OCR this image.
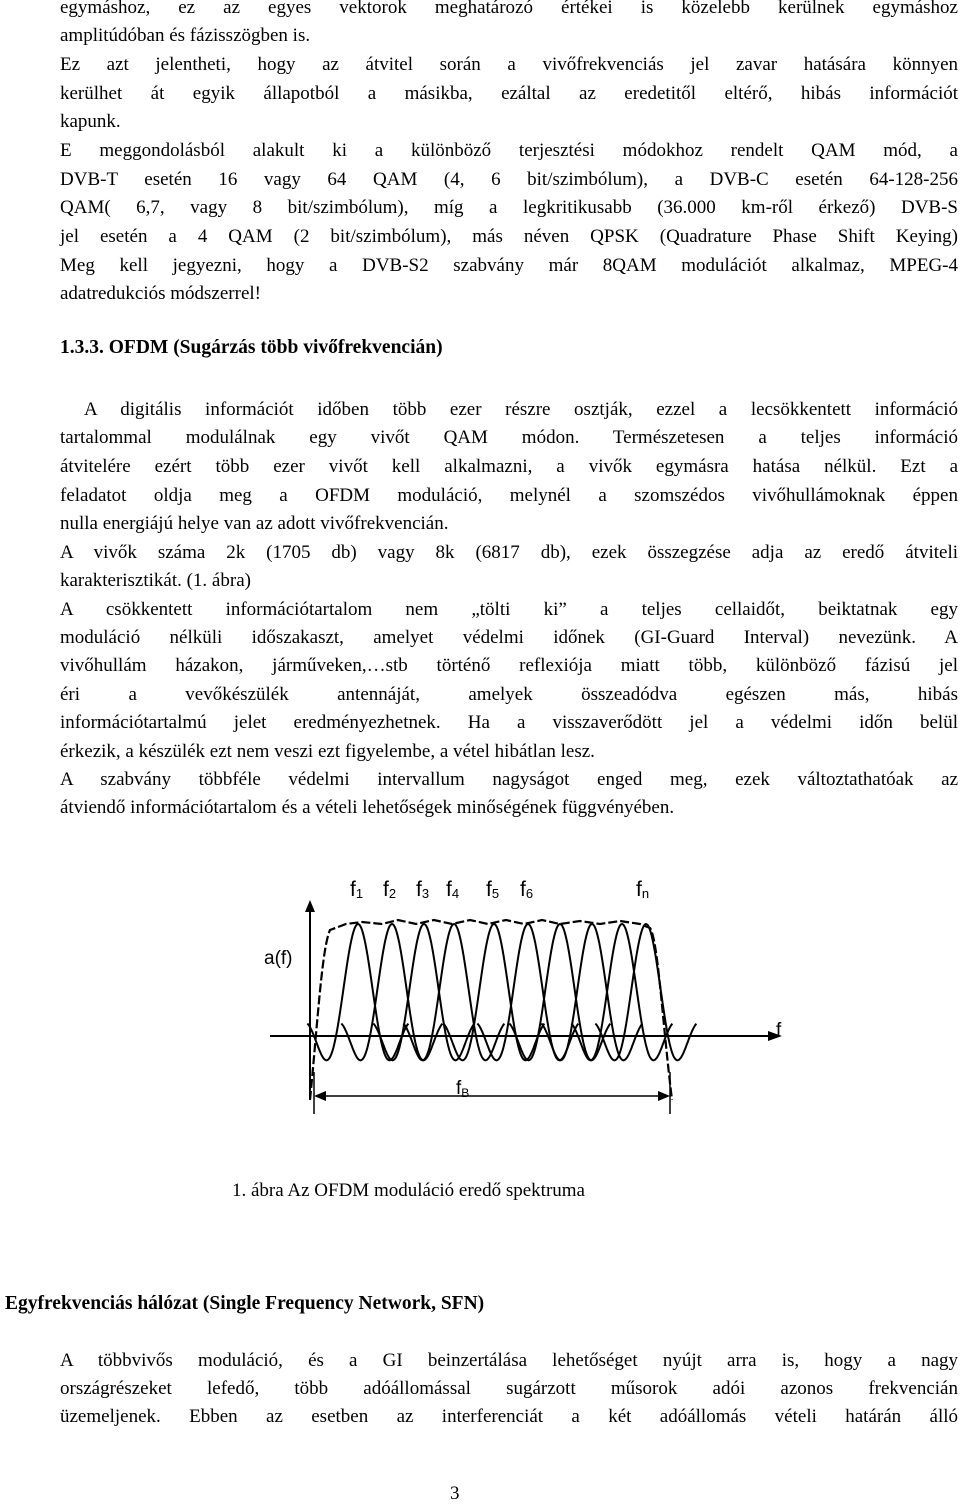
egymáshoz, ez az egyes vektorok meghatározó értékei is közelebb kerülnek egymáshoz
amplitúdóban és fázisszögben is.
Ez azt jelentheti, hogy az átvitel során a vivőfrekvenciás jel zavar hatására könnyen
kerülhet át egyik állapotból a másikba, ezáltal az eredetitől eltérő, hibás információt
kapunk.
E meggondolásból alakult ki a különböző terjesztési módokhoz rendelt QAM mód, a
DVB-T esetén 16 vagy 64 QAM (4, 6 bit/szimbólum), a DVB-C esetén 64-128-256
QAM( 6,7, vagy 8 bit/szimbólum), míg a legkritikusabb (36.000 km-ről érkező) DVB-S
jel esetén a 4 QAM (2 bit/szimbólum), más néven QPSK (Quadrature Phase Shift Keying)
Meg kell jegyezni, hogy a DVB-S2 szabvány már 8QAM modulációt alkalmaz, MPEG-4
adatredukciós módszerrel!
1.3.3. OFDM (Sugárzás több vivőfrekvencián)
A digitális információt időben több ezer részre osztják, ezzel a lecsökkentett információ
tartalommal modulálnak egy vivőt QAM módon. Természetesen a teljes információ
átvitelére ezért több ezer vivőt kell alkalmazni, a vivők egymásra hatása nélkül. Ezt a
feladatot oldja meg a OFDM moduláció, melynél a szomszédos vivőhullámoknak éppen
nulla energiájú helye van az adott vivőfrekvencián.
A vivők száma 2k (1705 db) vagy 8k (6817 db), ezek összegzése adja az eredő átviteli
karakterisztikát. (1. ábra)
A csökkentett információtartalom nem „tölti ki” a teljes cellaidőt, beiktatnak egy
moduláció nélküli időszakaszt, amelyet védelmi időnek (GI-Guard Interval) nevezünk. A
vivőhullám házakon, járműveken,…stb történő reflexiója miatt több, különböző fázisú jel
éri a vevőkészülék antennáját, amelyek összeadódva egészen más, hibás
információtartalmú jelet eredményezhetnek. Ha a visszaverődött jel a védelmi időn belül
érkezik, a készülék ezt nem veszi ezt figyelembe, a vétel hibátlan lesz.
A szabvány többféle védelmi intervallum nagyságot enged meg, ezek változtathatóak az
átviendő információtartalom és a vételi lehetőségek minőségének függvényében.
f1 f2 f3 f4 f5 f6	fn
a(f)
f
fB
1. ábra Az OFDM moduláció eredő spektruma
Egyfrekvenciás hálózat (Single Frequency Network, SFN)
A többvivős moduláció, és a GI beinzertálása lehetőséget nyújt arra is, hogy a nagy
országrészeket lefedő, több adóállomással sugárzott műsorok adói azonos frekvencián
üzemeljenek. Ebben az esetben az interferenciát a két adóállomás vételi határán álló
3
